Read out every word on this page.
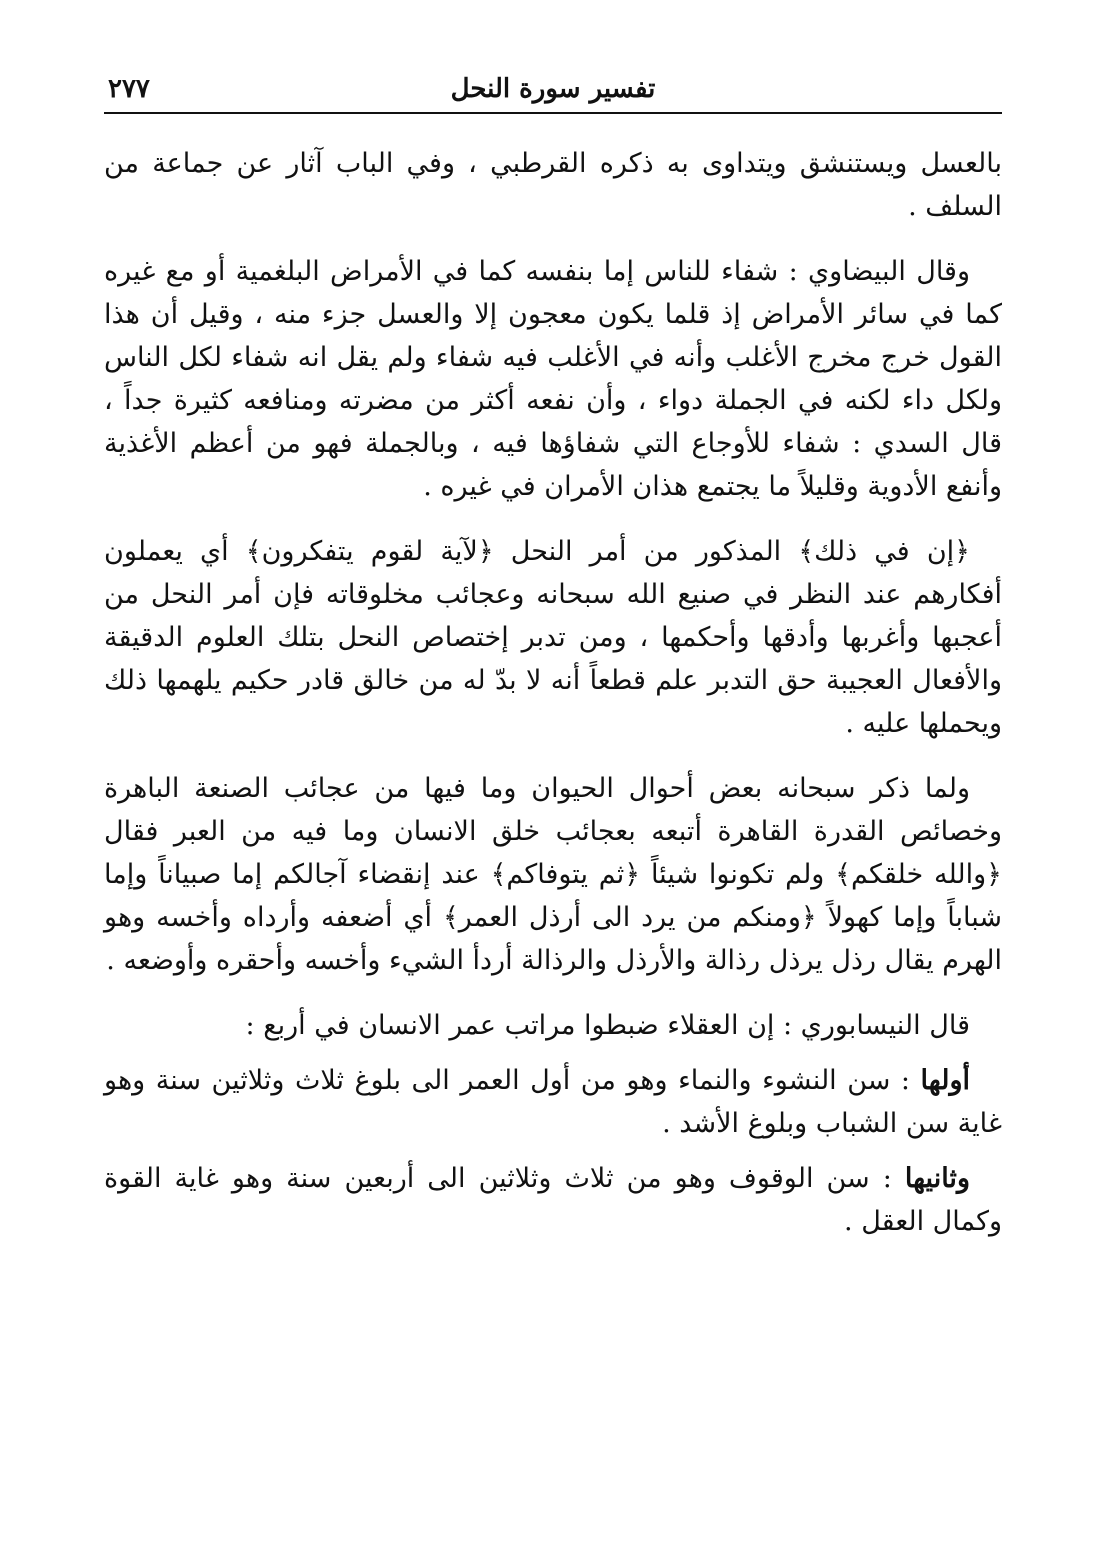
تفسير سورة النحل
٢٧٧

بالعسل ويستنشق ويتداوى به ذكره القرطبي ، وفي الباب آثار عن جماعة من السلف .

وقال البيضاوي : شفاء للناس إما بنفسه كما في الأمراض البلغمية أو مع غيره كما في سائر الأمراض إذ قلما يكون معجون إلا والعسل جزء منه ، وقيل أن هذا القول خرج مخرج الأغلب وأنه في الأغلب فيه شفاء ولم يقل انه شفاء لكل الناس ولكل داء لكنه في الجملة دواء ، وأن نفعه أكثر من مضرته ومنافعه كثيرة جداً ، قال السدي : شفاء للأوجاع التي شفاؤها فيه ، وبالجملة فهو من أعظم الأغذية وأنفع الأدوية وقليلاً ما يجتمع هذان الأمران في غيره .

﴿إن في ذلك﴾ المذكور من أمر النحل ﴿لآية لقوم يتفكرون﴾ أي يعملون أفكارهم عند النظر في صنيع الله سبحانه وعجائب مخلوقاته فإن أمر النحل من أعجبها وأغربها وأدقها وأحكمها ، ومن تدبر إختصاص النحل بتلك العلوم الدقيقة والأفعال العجيبة حق التدبر علم قطعاً أنه لا بدّ له من خالق قادر حكيم يلهمها ذلك ويحملها عليه .

ولما ذكر سبحانه بعض أحوال الحيوان وما فيها من عجائب الصنعة الباهرة وخصائص القدرة القاهرة أتبعه بعجائب خلق الانسان وما فيه من العبر فقال ﴿والله خلقكم﴾ ولم تكونوا شيئاً ﴿ثم يتوفاكم﴾ عند إنقضاء آجالكم إما صبياناً وإما شباباً وإما كهولاً ﴿ومنكم من يرد الى أرذل العمر﴾ أي أضعفه وأرداه وأخسه وهو الهرم يقال رذل يرذل رذالة والأرذل والرذالة أردأ الشيء وأخسه وأحقره وأوضعه .

قال النيسابوري : إن العقلاء ضبطوا مراتب عمر الانسان في أربع :

أولها : سن النشوء والنماء وهو من أول العمر الى بلوغ ثلاث وثلاثين سنة وهو غاية سن الشباب وبلوغ الأشد .

وثانيها : سن الوقوف وهو من ثلاث وثلاثين الى أربعين سنة وهو غاية القوة وكمال العقل .
